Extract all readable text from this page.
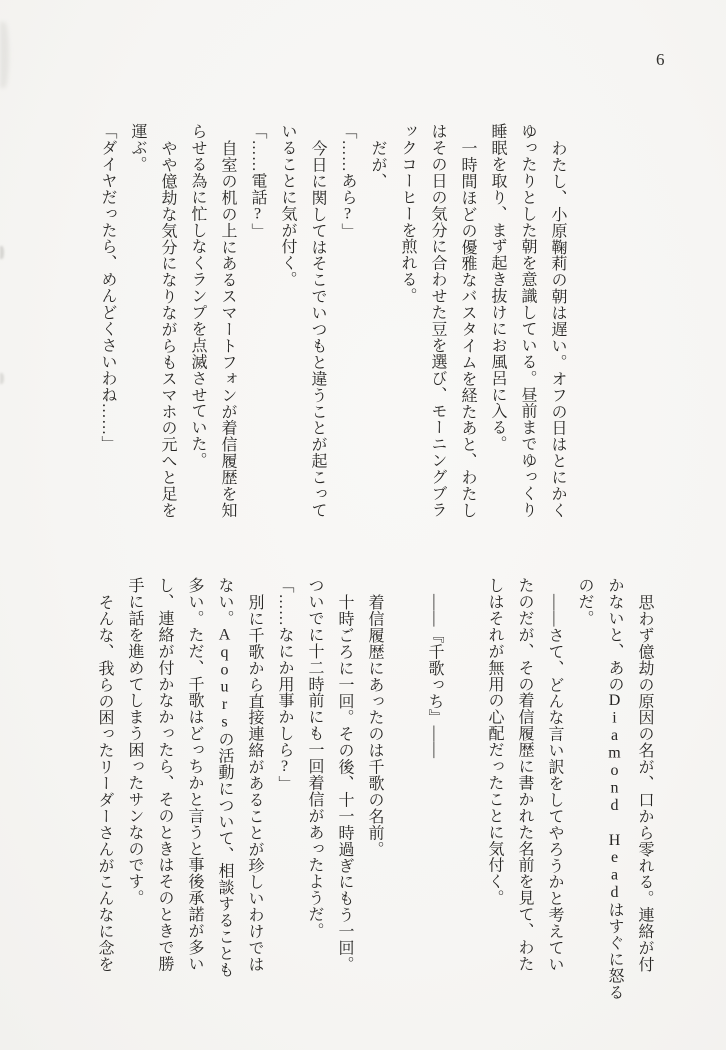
6
わたし、小原鞠莉の朝は遅い。オフの日はとにかく
ゆったりとした朝を意識している。昼前までゆっくり
睡眠を取り、まず起き抜けにお風呂に入る。
一時間ほどの優雅なバスタイムを経たあと、わたし
はその日の気分に合わせた豆を選び、モーニングブラ
ックコーヒーを煎れる。
だが、
「……あら?」
今日に関してはそこでいつもと違うことが起こって
いることに気が付く。
「……電話?」
自室の机の上にあるスマートフォンが着信履歴を知
らせる為に忙しなくランプを点滅させていた。
やや億劫な気分になりながらもスマホの元へと足を
運ぶ。
「ダイヤだったら、めんどくさいわね……」
思わず億劫の原因の名が、口から零れる。連絡が付
かないと、あのDiamond Headはすぐに怒る
のだ。
――さて、どんな言い訳をしてやろうかと考えてい
たのだが、その着信履歴に書かれた名前を見て、わた
しはそれが無用の心配だったことに気付く。
――『千歌っち』――
着信履歴にあったのは千歌の名前。
十時ごろに一回。その後、十一時過ぎにもう一回。
ついでに十二時前にも一回着信があったようだ。
「……なにか用事かしら?」
別に千歌から直接連絡があることが珍しいわけでは
ない。Aqoursの活動について、相談することも
多い。ただ、千歌はどっちかと言うと事後承諾が多い
し、連絡が付かなかったら、そのときはそのときで勝
手に話を進めてしまう困ったサンなのです。
そんな、我らの困ったリーダーさんがこんなに念を
